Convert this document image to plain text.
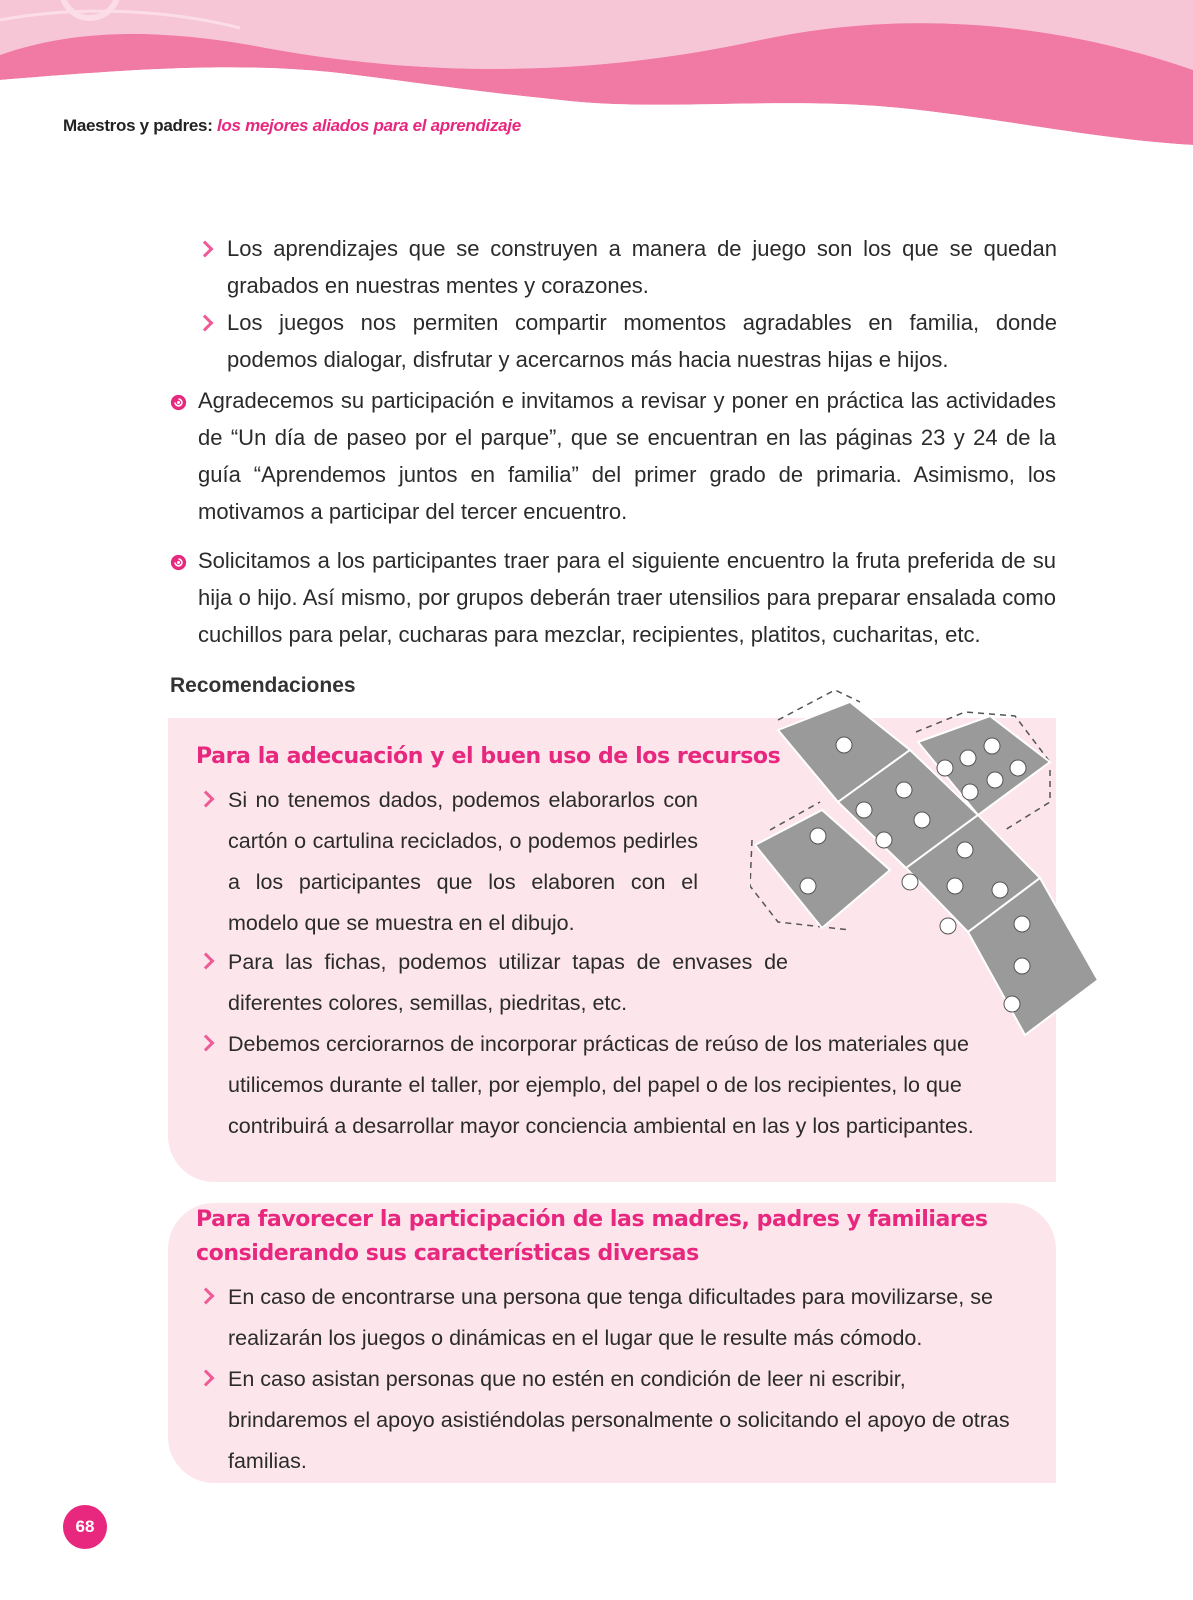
Maestros y padres: los mejores aliados para el aprendizaje
Los aprendizajes que se construyen a manera de juego son los que se quedan grabados en nuestras mentes y corazones.
Los juegos nos permiten compartir momentos agradables en familia, donde podemos dialogar, disfrutar y acercarnos más hacia nuestras hijas e hijos.
Agradecemos su participación e invitamos a revisar y poner en práctica las actividades de “Un día de paseo por el parque”, que se encuentran en las páginas 23 y 24 de la guía “Aprendemos juntos en familia” del primer grado de primaria. Asimismo, los motivamos a participar del tercer encuentro.
Solicitamos a los participantes traer para el siguiente encuentro la fruta preferida de su hija o hijo. Así mismo, por grupos deberán traer utensilios para preparar ensalada como cuchillos para pelar, cucharas para mezclar, recipientes, platitos, cucharitas, etc.
Recomendaciones
Para la adecuación y el buen uso de los recursos
Si no tenemos dados, podemos elaborarlos con cartón o cartulina reciclados, o podemos pedirles a los participantes que los elaboren con el modelo que se muestra en el dibujo.
Para las fichas, podemos utilizar tapas de envases de diferentes colores, semillas, piedritas, etc.
Debemos cerciorarnos de incorporar prácticas de reúso de los materiales que utilicemos durante el taller, por ejemplo, del papel o de los recipientes, lo que contribuirá a desarrollar mayor conciencia ambiental en las y los participantes.
Para favorecer la participación de las madres, padres y familiares considerando sus características diversas
En caso de encontrarse una persona que tenga dificultades para movilizarse, se realizarán los juegos o dinámicas en el lugar que le resulte más cómodo.
En caso asistan personas que no estén en condición de leer ni escribir, brindaremos el apoyo asistiéndolas personalmente o solicitando el apoyo de otras familias.
68
